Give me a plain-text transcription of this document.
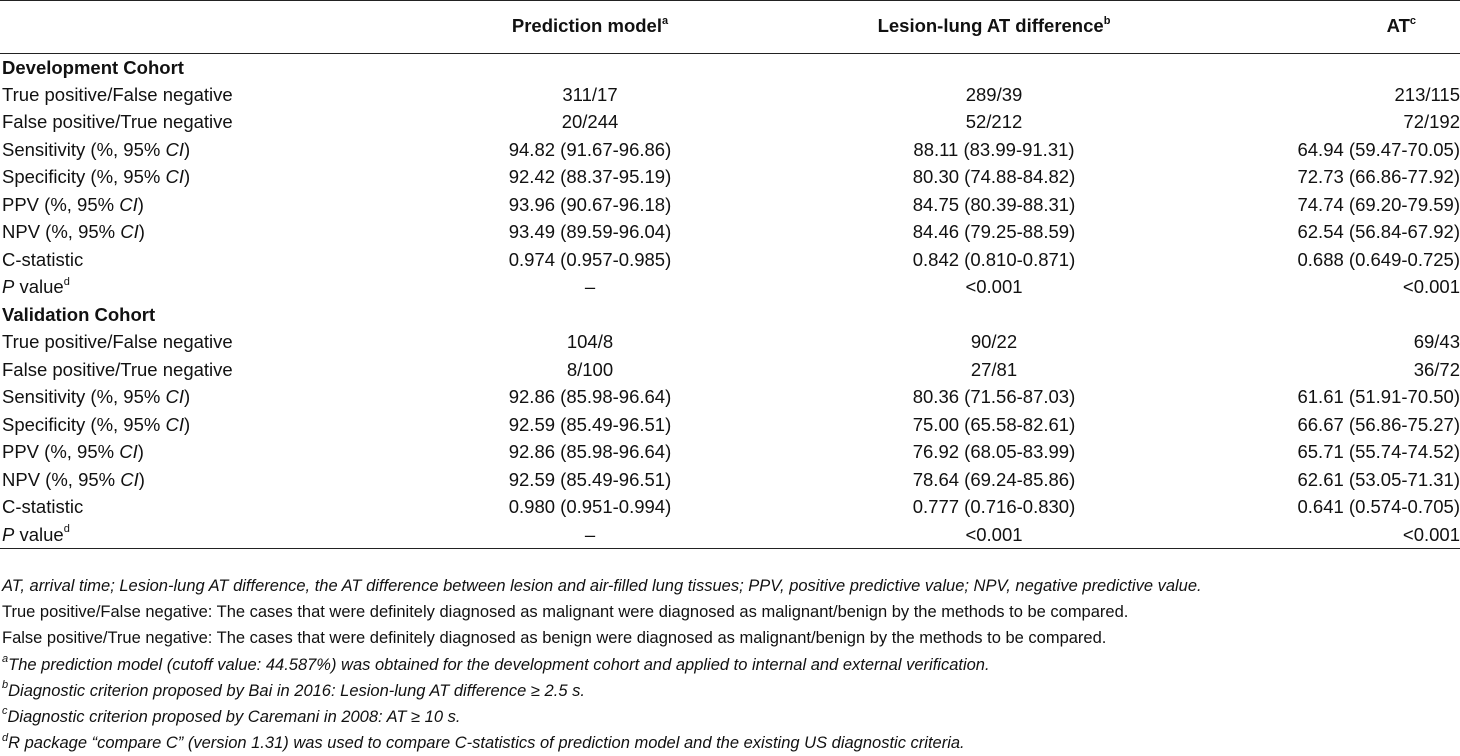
	Prediction model$^a$	Lesion-lung AT difference$^b$	$AT^c$
Development Cohort			
True positive/False negative	311/17	289/39	213/115
False positive/True negative	20/244	52/212	72/192
Sensitivity (%, 95% CI)	94.82 (91.67-96.86)	88.11 (83.99-91.31)	64.94 (59.47-70.05)
Specificity (%, 95% CI)	92.42 (88.37-95.19)	80.30 (74.88-84.82)	72.73 (66.86-77.92)
PPV (%, 95% CI)	93.96 (90.67-96.18)	84.75 (80.39-88.31)	74.74 (69.20-79.59)
NPV (%, 95% CI)	93.49 (89.59-96.04)	84.46 (79.25-88.59)	62.54 (56.84-67.92)
C-statistic	0.974 (0.957-0.985)	0.842 (0.810-0.871)	0.688 (0.649-0.725)
P value$^d$	–	<0.001	<0.001
Validation Cohort			
True positive/False negative	104/8	90/22	69/43
False positive/True negative	8/100	27/81	36/72
Sensitivity (%, 95% CI)	92.86 (85.98-96.64)	80.36 (71.56-87.03)	61.61 (51.91-70.50)
Specificity (%, 95% CI)	92.59 (85.49-96.51)	75.00 (65.58-82.61)	66.67 (56.86-75.27)
PPV (%, 95% CI)	92.86 (85.98-96.64)	76.92 (68.05-83.99)	65.71 (55.74-74.52)
NPV (%, 95% CI)	92.59 (85.49-96.51)	78.64 (69.24-85.86)	62.61 (53.05-71.31)
C-statistic	0.980 (0.951-0.994)	0.777 (0.716-0.830)	0.641 (0.574-0.705)
P value$^d$	–	<0.001	<0.001
AT, arrival time; Lesion-lung AT difference, the AT difference between lesion and air-filled lung tissues; PPV, positive predictive value; NPV, negative predictive value.
True positive/False negative: The cases that were definitely diagnosed as malignant were diagnosed as malignant/benign by the methods to be compared.
False positive/True negative: The cases that were definitely diagnosed as benign were diagnosed as malignant/benign by the methods to be compared.
$^a$The prediction model (cutoff value: 44.587%) was obtained for the development cohort and applied to internal and external verification.
$^b$Diagnostic criterion proposed by Bai in 2016: Lesion-lung AT difference ≥ 2.5 s.
$^c$Diagnostic criterion proposed by Caremani in 2008: AT ≥ 10 s.
$^d$R package “compare C” (version 1.31) was used to compare C-statistics of prediction model and the existing US diagnostic criteria.
